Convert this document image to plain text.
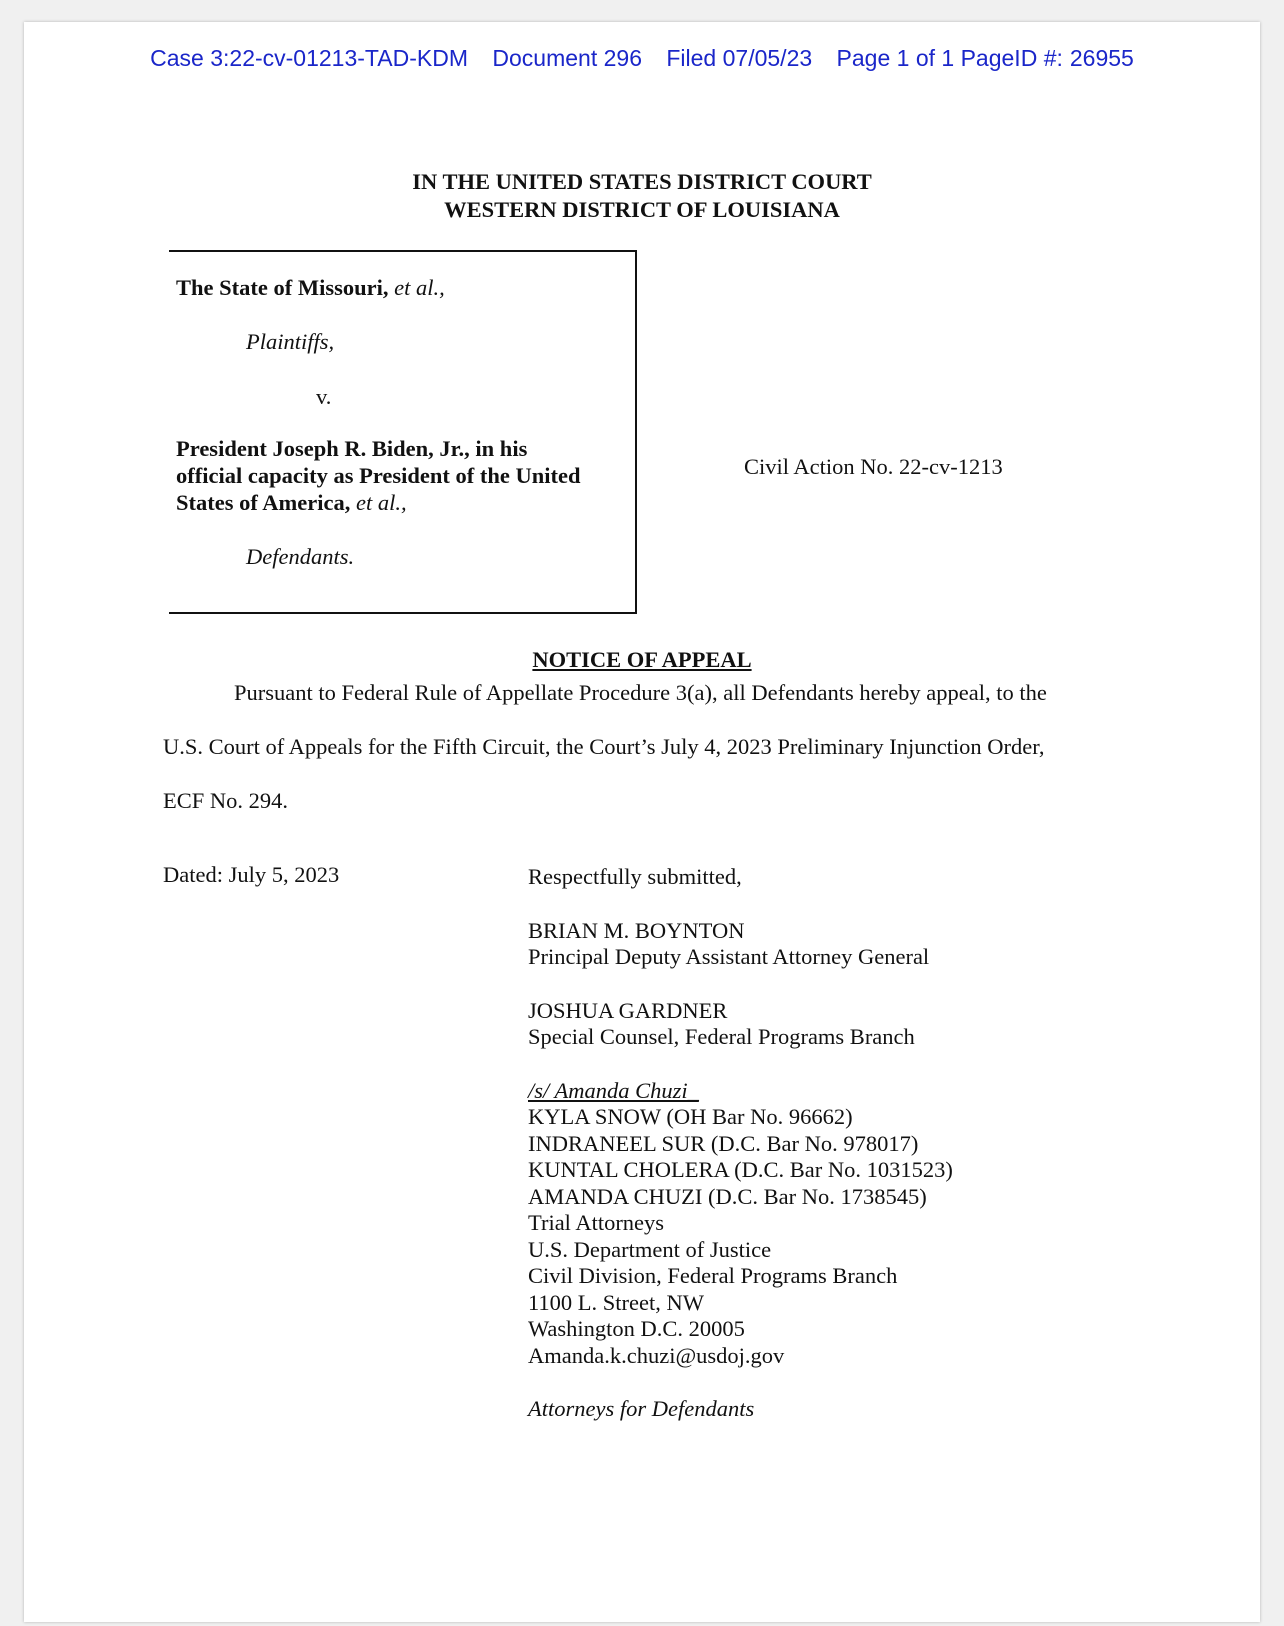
Case 3:22-cv-01213-TAD-KDM Document 296 Filed 07/05/23 Page 1 of 1 PageID #: 26955
IN THE UNITED STATES DISTRICT COURT
WESTERN DISTRICT OF LOUISIANA
The State of Missouri, et al.,
Plaintiffs,
v.
President Joseph R. Biden, Jr., in his
official capacity as President of the United
States of America, et al.,
Defendants.
Civil Action No. 22-cv-1213
NOTICE OF APPEAL
Pursuant to Federal Rule of Appellate Procedure 3(a), all Defendants hereby appeal, to the
U.S. Court of Appeals for the Fifth Circuit, the Court’s July 4, 2023 Preliminary Injunction Order,
ECF No. 294.
Dated: July 5, 2023	Respectfully submitted,
BRIAN M. BOYNTON
Principal Deputy Assistant Attorney General
JOSHUA GARDNER
Special Counsel, Federal Programs Branch
/s/ Amanda Chuzi_
KYLA SNOW (OH Bar No. 96662)
INDRANEEL SUR (D.C. Bar No. 978017)
KUNTAL CHOLERA (D.C. Bar No. 1031523)
AMANDA CHUZI (D.C. Bar No. 1738545)
Trial Attorneys
U.S. Department of Justice
Civil Division, Federal Programs Branch
1100 L. Street, NW
Washington D.C. 20005
Amanda.k.chuzi@usdoj.gov
Attorneys for Defendants
